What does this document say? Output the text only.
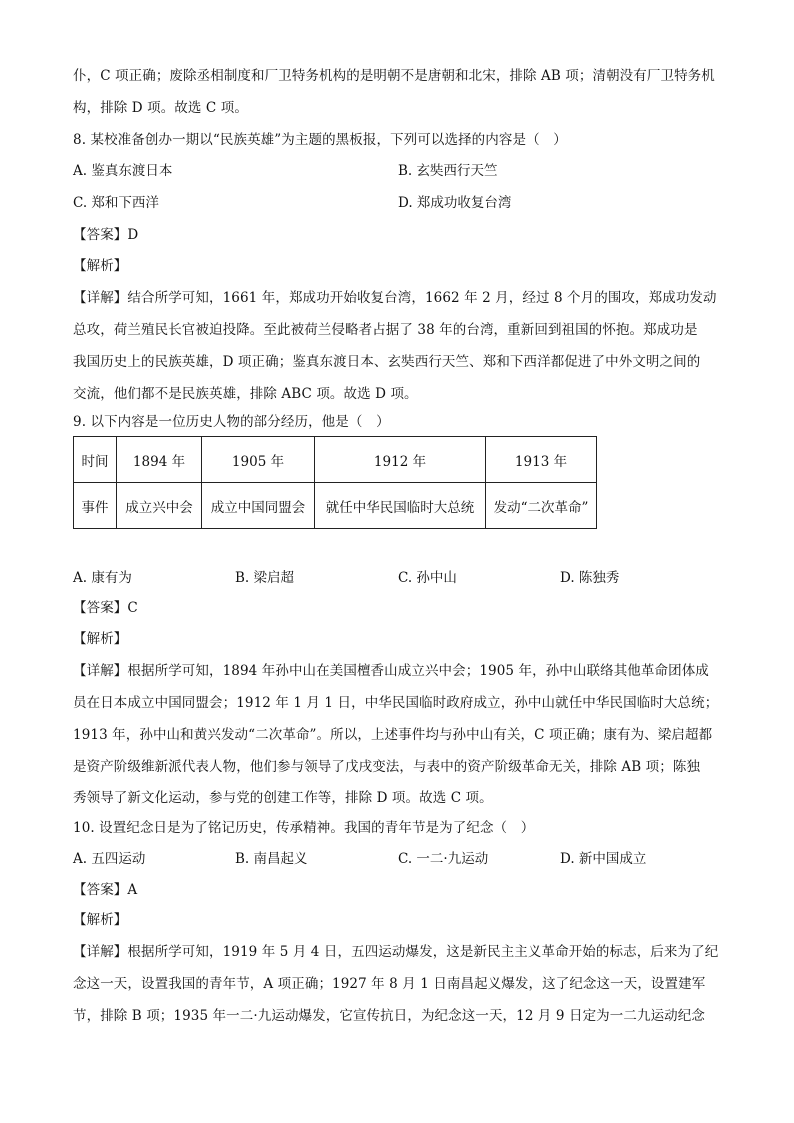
仆，C 项正确；废除丞相制度和厂卫特务机构的是明朝不是唐朝和北宋，排除 AB 项；清朝没有厂卫特务机
构，排除 D 项。故选 C 项。
8. 某校准备创办一期以“民族英雄”为主题的黑板报，下列可以选择的内容是（　）
A. 鉴真东渡日本	B. 玄奘西行天竺
C. 郑和下西洋	D. 郑成功收复台湾
【答案】D
【解析】
【详解】结合所学可知，1661 年，郑成功开始收复台湾，1662 年 2 月，经过 8 个月的围攻，郑成功发动
总攻，荷兰殖民长官被迫投降。至此被荷兰侵略者占据了 38 年的台湾，重新回到祖国的怀抱。郑成功是
我国历史上的民族英雄，D 项正确；鉴真东渡日本、玄奘西行天竺、郑和下西洋都促进了中外文明之间的
交流，他们都不是民族英雄，排除 ABC 项。故选 D 项。
9. 以下内容是一位历史人物的部分经历，他是（　）
时间	1894 年	1905 年	1912 年	1913 年
事件	成立兴中会	成立中国同盟会	就任中华民国临时大总统	发动“二次革命”
A. 康有为	B. 梁启超	C. 孙中山	D. 陈独秀
【答案】C
【解析】
【详解】根据所学可知，1894 年孙中山在美国檀香山成立兴中会；1905 年，孙中山联络其他革命团体成
员在日本成立中国同盟会；1912 年 1 月 1 日，中华民国临时政府成立，孙中山就任中华民国临时大总统；
1913 年，孙中山和黄兴发动“二次革命”。所以，上述事件均与孙中山有关，C 项正确；康有为、梁启超都
是资产阶级维新派代表人物，他们参与领导了戊戌变法，与表中的资产阶级革命无关，排除 AB 项；陈独
秀领导了新文化运动，参与党的创建工作等，排除 D 项。故选 C 项。
10. 设置纪念日是为了铭记历史，传承精神。我国的青年节是为了纪念（　）
A. 五四运动	B. 南昌起义	C. 一二·九运动	D. 新中国成立
【答案】A
【解析】
【详解】根据所学可知，1919 年 5 月 4 日，五四运动爆发，这是新民主主义革命开始的标志，后来为了纪
念这一天，设置我国的青年节，A 项正确；1927 年 8 月 1 日南昌起义爆发，这了纪念这一天，设置建军
节，排除 B 项；1935 年一二·九运动爆发，它宣传抗日，为纪念这一天，12 月 9 日定为一二九运动纪念
